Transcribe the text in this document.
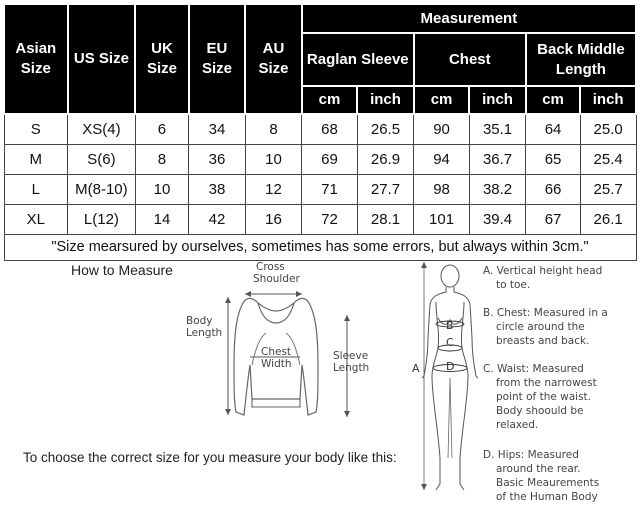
Asian Size	US Size	UK Size	EU Size	AU Size	Measurement					
					Raglan Sleeve		Chest		Back Middle Length	
					cm	inch	cm	inch	cm	inch
S	XS(4)	6	34	8	68	26.5	90	35.1	64	25.0
M	S(6)	8	36	10	69	26.9	94	36.7	65	25.4
L	M(8-10)	10	38	12	71	27.7	98	38.2	66	25.7
XL	L(12)	14	42	16	72	28.1	101	39.4	67	26.1
"Size mearsured by ourselves, sometimes has some errors, but always within 3cm."										
How to Measure	Cross
Shoulder
Body
Length
Chest
Width
Sleeve
Length	A
B
C
D
A. Vertical height head
to toe.
B. Chest: Measured in a
circle around the
breasts and back.
C. Waist: Measured
from the narrowest
point of the waist.
Body shoould be
relaxed.
D. Hips: Measured
around the rear.
Basic Meaurements
of the Human Body
To choose the correct size for you measure your body like this:
